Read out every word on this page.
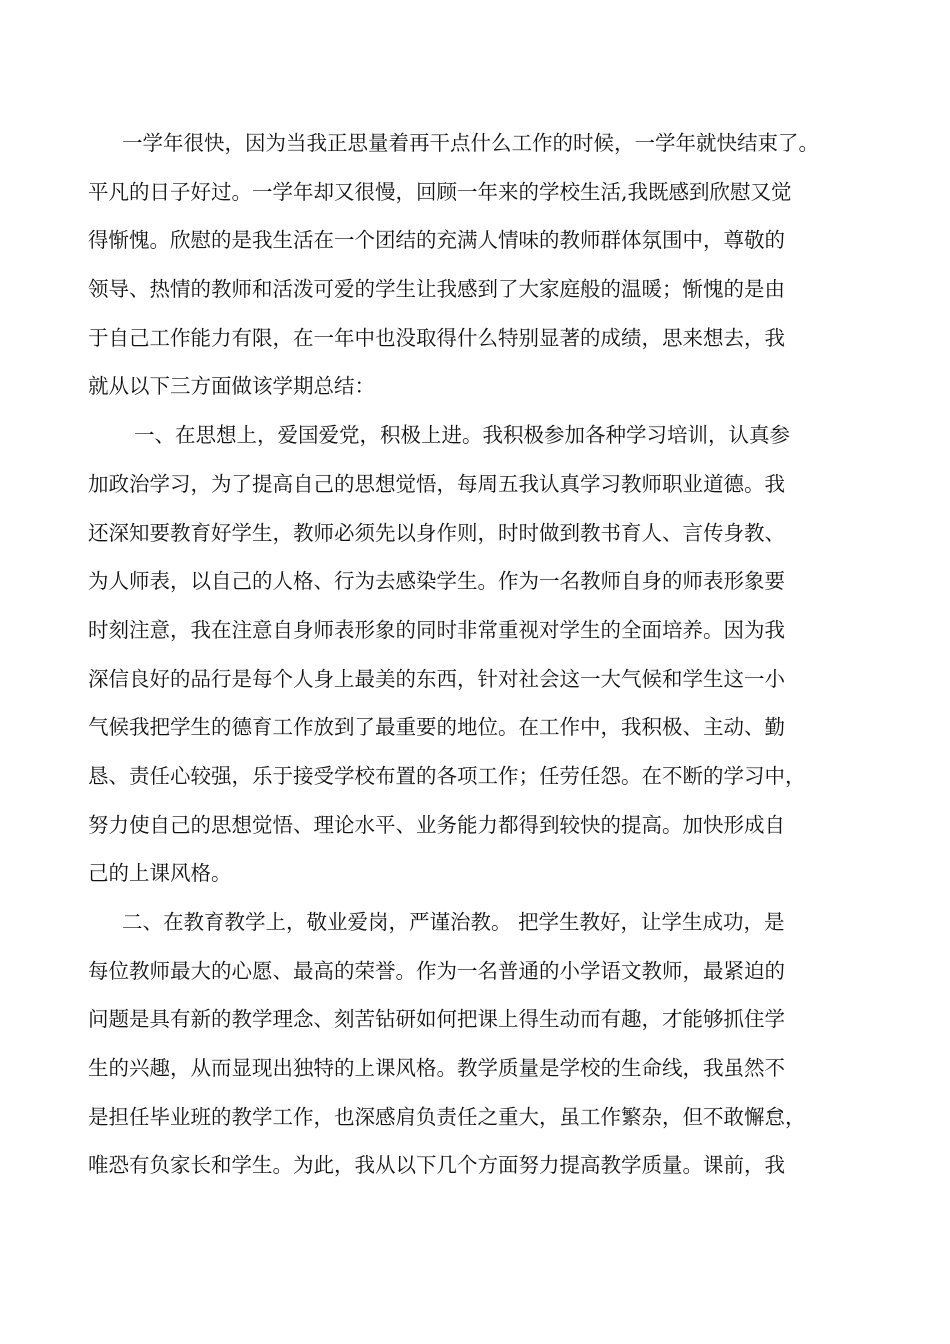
一学年很快，因为当我正思量着再干点什么工作的时候，一学年就快结束了。
平凡的日子好过。一学年却又很慢，回顾一年来的学校生活,我既感到欣慰又觉
得惭愧。欣慰的是我生活在一个团结的充满人情味的教师群体氛围中，尊敬的
领导、热情的教师和活泼可爱的学生让我感到了大家庭般的温暖；惭愧的是由
于自己工作能力有限，在一年中也没取得什么特别显著的成绩，思来想去，我
就从以下三方面做该学期总结：
一、在思想上，爱国爱党，积极上进。我积极参加各种学习培训，认真参
加政治学习，为了提高自己的思想觉悟，每周五我认真学习教师职业道德。我
还深知要教育好学生，教师必须先以身作则，时时做到教书育人、言传身教、
为人师表，以自己的人格、行为去感染学生。作为一名教师自身的师表形象要
时刻注意，我在注意自身师表形象的同时非常重视对学生的全面培养。因为我
深信良好的品行是每个人身上最美的东西，针对社会这一大气候和学生这一小
气候我把学生的德育工作放到了最重要的地位。在工作中，我积极、主动、勤
恳、责任心较强，乐于接受学校布置的各项工作；任劳任怨。在不断的学习中，
努力使自己的思想觉悟、理论水平、业务能力都得到较快的提高。加快形成自
己的上课风格。
二、在教育教学上，敬业爱岗，严谨治教。 把学生教好，让学生成功，是
每位教师最大的心愿、最高的荣誉。作为一名普通的小学语文教师，最紧迫的
问题是具有新的教学理念、刻苦钻研如何把课上得生动而有趣，才能够抓住学
生的兴趣，从而显现出独特的上课风格。教学质量是学校的生命线，我虽然不
是担任毕业班的教学工作，也深感肩负责任之重大，虽工作繁杂，但不敢懈怠，
唯恐有负家长和学生。为此，我从以下几个方面努力提高教学质量。课前，我
